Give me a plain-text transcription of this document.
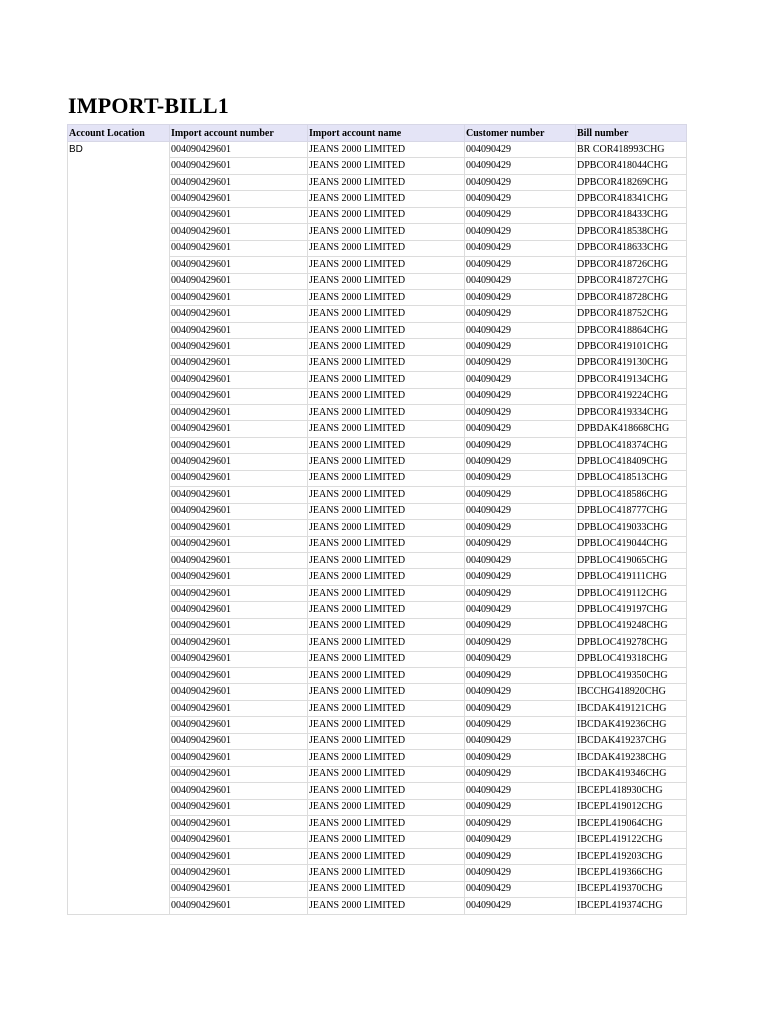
IMPORT-BILL1
Account Location	Import account number	Import account name	Customer number	Bill number
BD	004090429601	JEANS 2000 LIMITED	004090429	BR COR418993CHG
	004090429601	JEANS 2000 LIMITED	004090429	DPBCOR418044CHG
	004090429601	JEANS 2000 LIMITED	004090429	DPBCOR418269CHG
	004090429601	JEANS 2000 LIMITED	004090429	DPBCOR418341CHG
	004090429601	JEANS 2000 LIMITED	004090429	DPBCOR418433CHG
	004090429601	JEANS 2000 LIMITED	004090429	DPBCOR418538CHG
	004090429601	JEANS 2000 LIMITED	004090429	DPBCOR418633CHG
	004090429601	JEANS 2000 LIMITED	004090429	DPBCOR418726CHG
	004090429601	JEANS 2000 LIMITED	004090429	DPBCOR418727CHG
	004090429601	JEANS 2000 LIMITED	004090429	DPBCOR418728CHG
	004090429601	JEANS 2000 LIMITED	004090429	DPBCOR418752CHG
	004090429601	JEANS 2000 LIMITED	004090429	DPBCOR418864CHG
	004090429601	JEANS 2000 LIMITED	004090429	DPBCOR419101CHG
	004090429601	JEANS 2000 LIMITED	004090429	DPBCOR419130CHG
	004090429601	JEANS 2000 LIMITED	004090429	DPBCOR419134CHG
	004090429601	JEANS 2000 LIMITED	004090429	DPBCOR419224CHG
	004090429601	JEANS 2000 LIMITED	004090429	DPBCOR419334CHG
	004090429601	JEANS 2000 LIMITED	004090429	DPBDAK418668CHG
	004090429601	JEANS 2000 LIMITED	004090429	DPBLOC418374CHG
	004090429601	JEANS 2000 LIMITED	004090429	DPBLOC418409CHG
	004090429601	JEANS 2000 LIMITED	004090429	DPBLOC418513CHG
	004090429601	JEANS 2000 LIMITED	004090429	DPBLOC418586CHG
	004090429601	JEANS 2000 LIMITED	004090429	DPBLOC418777CHG
	004090429601	JEANS 2000 LIMITED	004090429	DPBLOC419033CHG
	004090429601	JEANS 2000 LIMITED	004090429	DPBLOC419044CHG
	004090429601	JEANS 2000 LIMITED	004090429	DPBLOC419065CHG
	004090429601	JEANS 2000 LIMITED	004090429	DPBLOC419111CHG
	004090429601	JEANS 2000 LIMITED	004090429	DPBLOC419112CHG
	004090429601	JEANS 2000 LIMITED	004090429	DPBLOC419197CHG
	004090429601	JEANS 2000 LIMITED	004090429	DPBLOC419248CHG
	004090429601	JEANS 2000 LIMITED	004090429	DPBLOC419278CHG
	004090429601	JEANS 2000 LIMITED	004090429	DPBLOC419318CHG
	004090429601	JEANS 2000 LIMITED	004090429	DPBLOC419350CHG
	004090429601	JEANS 2000 LIMITED	004090429	IBCCHG418920CHG
	004090429601	JEANS 2000 LIMITED	004090429	IBCDAK419121CHG
	004090429601	JEANS 2000 LIMITED	004090429	IBCDAK419236CHG
	004090429601	JEANS 2000 LIMITED	004090429	IBCDAK419237CHG
	004090429601	JEANS 2000 LIMITED	004090429	IBCDAK419238CHG
	004090429601	JEANS 2000 LIMITED	004090429	IBCDAK419346CHG
	004090429601	JEANS 2000 LIMITED	004090429	IBCEPL418930CHG
	004090429601	JEANS 2000 LIMITED	004090429	IBCEPL419012CHG
	004090429601	JEANS 2000 LIMITED	004090429	IBCEPL419064CHG
	004090429601	JEANS 2000 LIMITED	004090429	IBCEPL419122CHG
	004090429601	JEANS 2000 LIMITED	004090429	IBCEPL419203CHG
	004090429601	JEANS 2000 LIMITED	004090429	IBCEPL419366CHG
	004090429601	JEANS 2000 LIMITED	004090429	IBCEPL419370CHG
	004090429601	JEANS 2000 LIMITED	004090429	IBCEPL419374CHG
